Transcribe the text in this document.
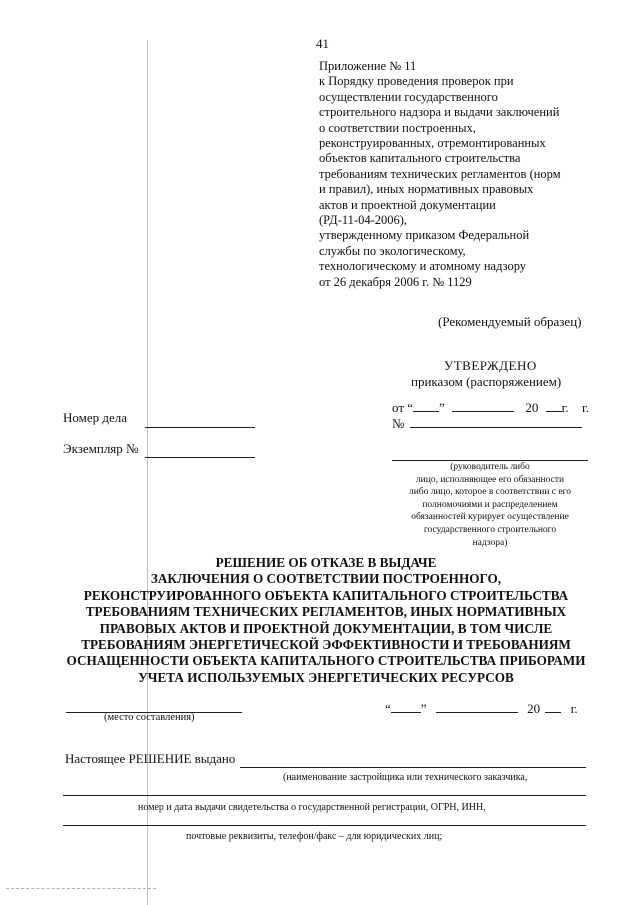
41
Приложение № 11
к Порядку проведения проверок при
осуществлении государственного
строительного надзора и выдачи заключений
о соответствии построенных,
реконструированных, отремонтированных
объектов капитального строительства
требованиям технических регламентов (норм
и правил), иных нормативных правовых
актов и проектной документации
(РД-11-04-2006),
утвержденному приказом Федеральной
службы по экологическому,
технологическому и атомному надзору
от 26 декабря 2006 г. № 1129
(Рекомендуемый образец)
УТВЕРЖДЕНО
приказом (распоряжением)
от “ ”	20 г. г.
№
Номер дела
Экземпляр №
(руководитель либо
лицо, исполняющее его обязанности
либо лицо, которое в соответствии с его
полномочиями и распределением
обязанностей курирует осуществление
государственного строительного
надзора)
РЕШЕНИЕ ОБ ОТКАЗЕ В ВЫДАЧЕ
ЗАКЛЮЧЕНИЯ О СООТВЕТСТВИИ ПОСТРОЕННОГО,
РЕКОНСТРУИРОВАННОГО ОБЪЕКТА КАПИТАЛЬНОГО СТРОИТЕЛЬСТВА
ТРЕБОВАНИЯМ ТЕХНИЧЕСКИХ РЕГЛАМЕНТОВ, ИНЫХ НОРМАТИВНЫХ
ПРАВОВЫХ АКТОВ И ПРОЕКТНОЙ ДОКУМЕНТАЦИИ, В ТОМ ЧИСЛЕ
ТРЕБОВАНИЯМ ЭНЕРГЕТИЧЕСКОЙ ЭФФЕКТИВНОСТИ И ТРЕБОВАНИЯМ
ОСНАЩЕННОСТИ ОБЪЕКТА КАПИТАЛЬНОГО СТРОИТЕЛЬСТВА ПРИБОРАМИ
УЧЕТА ИСПОЛЬЗУЕМЫХ ЭНЕРГЕТИЧЕСКИХ РЕСУРСОВ
(место составления)
“ ”	20 г.
Настоящее РЕШЕНИЕ выдано
(наименование застройщика или технического заказчика,
номер и дата выдачи свидетельства о государственной регистрации, ОГРН, ИНН,
почтовые реквизиты, телефон/факс – для юридических лиц;
